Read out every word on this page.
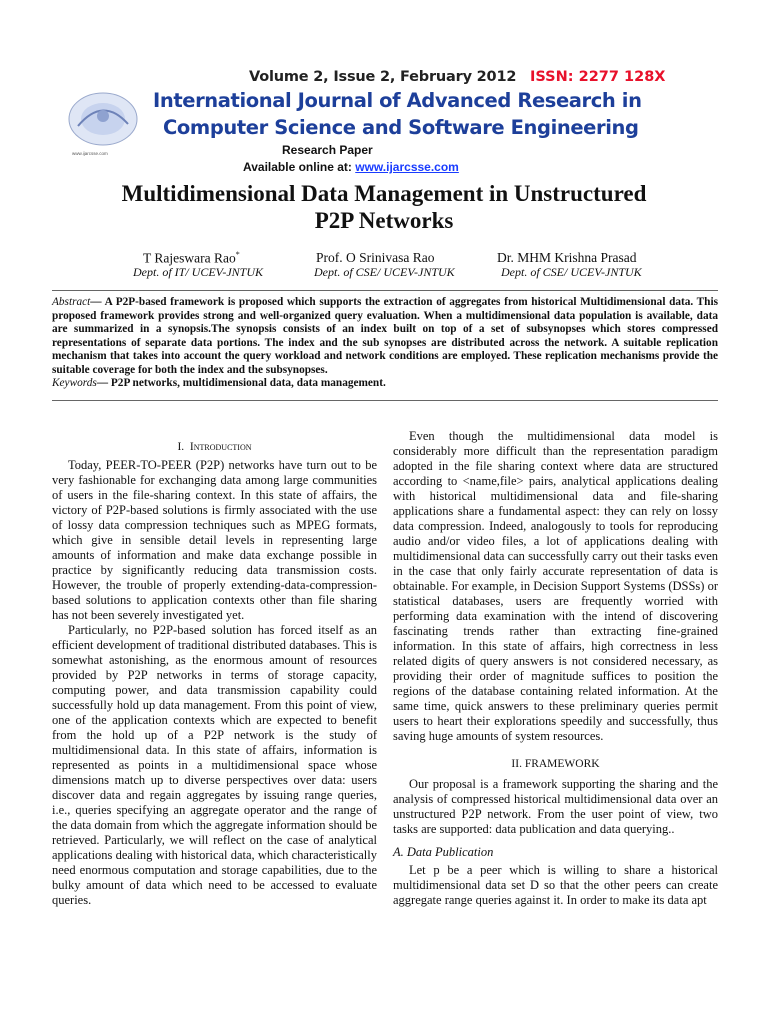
Volume 2, Issue 2, February 2012 ISSN: 2277 128X
www.ijarcsse.com
International Journal of Advanced Research in
Computer Science and Software Engineering
Research Paper
Available online at: www.ijarcsse.com
Multidimensional Data Management in Unstructured
P2P Networks
T Rajeswara Rao*
Dept. of IT/ UCEV-JNTUK
Prof. O Srinivasa Rao
Dept. of CSE/ UCEV-JNTUK
Dr. MHM Krishna Prasad
Dept. of CSE/ UCEV-JNTUK
Abstract— A P2P-based framework is proposed which supports the extraction of aggregates from historical Multidimensional data. This proposed framework provides strong and well-organized query evaluation. When a multidimensional data population is available, data are summarized in a synopsis.The synopsis consists of an index built on top of a set of subsynopses which stores compressed representations of separate data portions. The index and the sub synopses are distributed across the network. A suitable replication mechanism that takes into account the query workload and network conditions are employed. These replication mechanisms provide the suitable coverage for both the index and the subsynopses.
Keywords— P2P networks, multidimensional data, data management.
I. Introduction

Today, PEER-TO-PEER (P2P) networks have turn out to be very fashionable for exchanging data among large communities of users in the file-sharing context. In this state of affairs, the victory of P2P-based solutions is firmly associated with the use of lossy data compression techniques such as MPEG formats, which give in sensible detail levels in representing large amounts of information and make data exchange possible in practice by significantly reducing data transmission costs. However, the trouble of properly extending-data-compression-based solutions to application contexts other than file sharing has not been severely investigated yet.

Particularly, no P2P-based solution has forced itself as an efficient development of traditional distributed databases. This is somewhat astonishing, as the enormous amount of resources provided by P2P networks in terms of storage capacity, computing power, and data transmission capability could successfully hold up data management. From this point of view, one of the application contexts which are expected to benefit from the hold up of a P2P network is the study of multidimensional data. In this state of affairs, information is represented as points in a multidimensional space whose dimensions match up to diverse perspectives over data: users discover data and regain aggregates by issuing range queries, i.e., queries specifying an aggregate operator and the range of the data domain from which the aggregate information should be retrieved. Particularly, we will reflect on the case of analytical applications dealing with historical data, which characteristically need enormous computation and storage capabilities, due to the bulky amount of data which need to be accessed to evaluate queries.

Even though the multidimensional data model is considerably more difficult than the representation paradigm adopted in the file sharing context where data are structured according to <name,file> pairs, analytical applications dealing with historical multidimensional data and file-sharing applications share a fundamental aspect: they can rely on lossy data compression. Indeed, analogously to tools for reproducing audio and/or video files, a lot of applications dealing with multidimensional data can successfully carry out their tasks even in the case that only fairly accurate representation of data is obtainable. For example, in Decision Support Systems (DSSs) or statistical databases, users are frequently worried with performing data examination with the intend of discovering fascinating trends rather than extracting fine-grained information. In this state of affairs, high correctness in less related digits of query answers is not considered necessary, as providing their order of magnitude suffices to position the regions of the database containing related information. At the same time, quick answers to these preliminary queries permit users to heart their explorations speedily and successfully, thus saving huge amounts of system resources.

II. FRAMEWORK

Our proposal is a framework supporting the sharing and the analysis of compressed historical multidimensional data over an unstructured P2P network. From the user point of view, two tasks are supported: data publication and data querying..

A. Data Publication

Let p be a peer which is willing to share a historical multidimensional data set D so that the other peers can create aggregate range queries against it. In order to make its data apt
